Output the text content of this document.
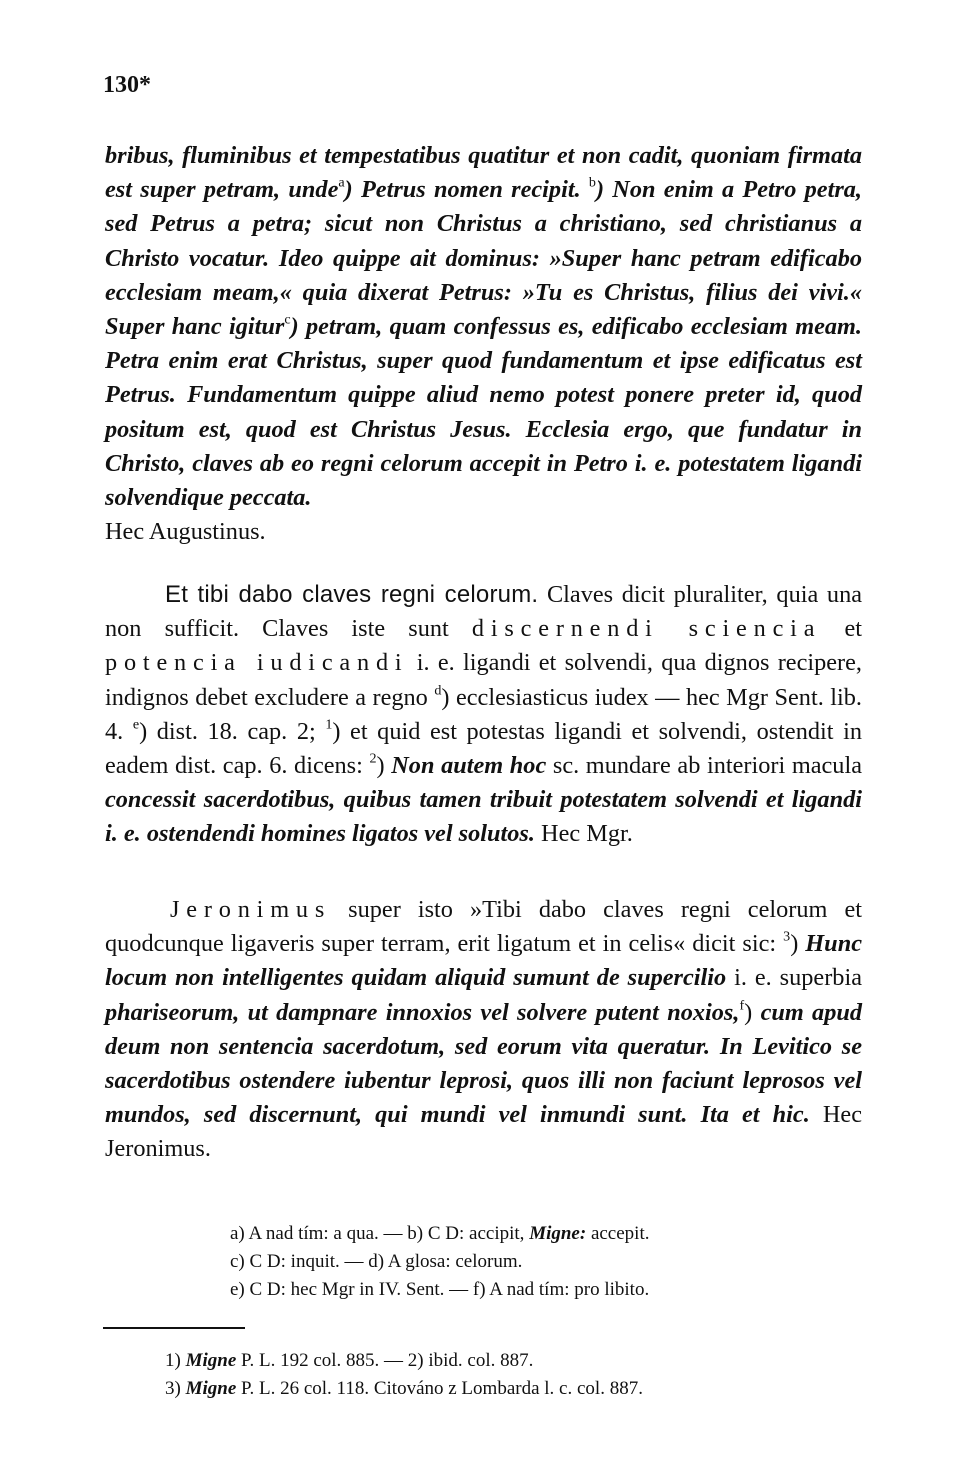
130*

bribus, fluminibus et tempestatibus quatitur et non cadit, quoniam firmata est super petram, unde$^a$) Petrus nomen recipit. $^b$) Non enim a Petro petra, sed Petrus a petra; sicut non Christus a christiano, sed christianus a Christo vocatur. Ideo quippe ait dominus: »Super hanc petram edificabo ecclesiam meam,« quia dixerat Petrus: »Tu es Christus, filius dei vivi.« Super hanc igitur$^c$) petram, quam confessus es, edificabo ecclesiam meam. Petra enim erat Christus, super quod fundamentum et ipse edificatus est Petrus. Fundamentum quippe aliud nemo potest ponere preter id, quod positum est, quod est Christus Jesus. Ecclesia ergo, que fundatur in Christo, claves ab eo regni celorum accepit in Petro i. e. potestatem ligandi solvendique peccata.
Hec Augustinus.

Et tibi dabo claves regni celorum. Claves dicit pluraliter, quia una non sufficit. Claves iste sunt discernendi sciencia et potencia iudicandi i. e. ligandi et solvendi, qua dignos recipere, indignos debet excludere a regno $^d$) ecclesiasticus iudex — hec Mgr Sent. lib. 4. $^e$) dist. 18. cap. 2; $^1$) et quid est potestas ligandi et solvendi, ostendit in eadem dist. cap. 6. dicens: $^2$) Non autem hoc sc. mundare ab interiori macula concessit sacerdotibus, quibus tamen tribuit potestatem solvendi et ligandi i. e. ostendendi homines ligatos vel solutos. Hec Mgr.

Jeronimus super isto »Tibi dabo claves regni celorum et quodcunque ligaveris super terram, erit ligatum et in celis« dicit sic: $^3$) Hunc locum non intelligentes quidam aliquid sumunt de supercilio i. e. superbia phariseorum, ut dampnare innoxios vel solvere putent noxios,$^f$) cum apud deum non sentencia sacerdotum, sed eorum vita queratur. In Levitico se sacerdotibus ostendere iubentur leprosi, quos illi non faciunt leprosos vel mundos, sed discernunt, qui mundi vel inmundi sunt. Ita et hic. Hec Jeronimus.

a) A nad tím: a qua. — b) C D: accipit, Migne: accepit.
c) C D: inquit. — d) A glosa: celorum.
e) C D: hec Mgr in IV. Sent. — f) A nad tím: pro libito.
1) Migne P. L. 192 col. 885. — 2) ibid. col. 887.
3) Migne P. L. 26 col. 118. Citováno z Lombarda l. c. col. 887.
